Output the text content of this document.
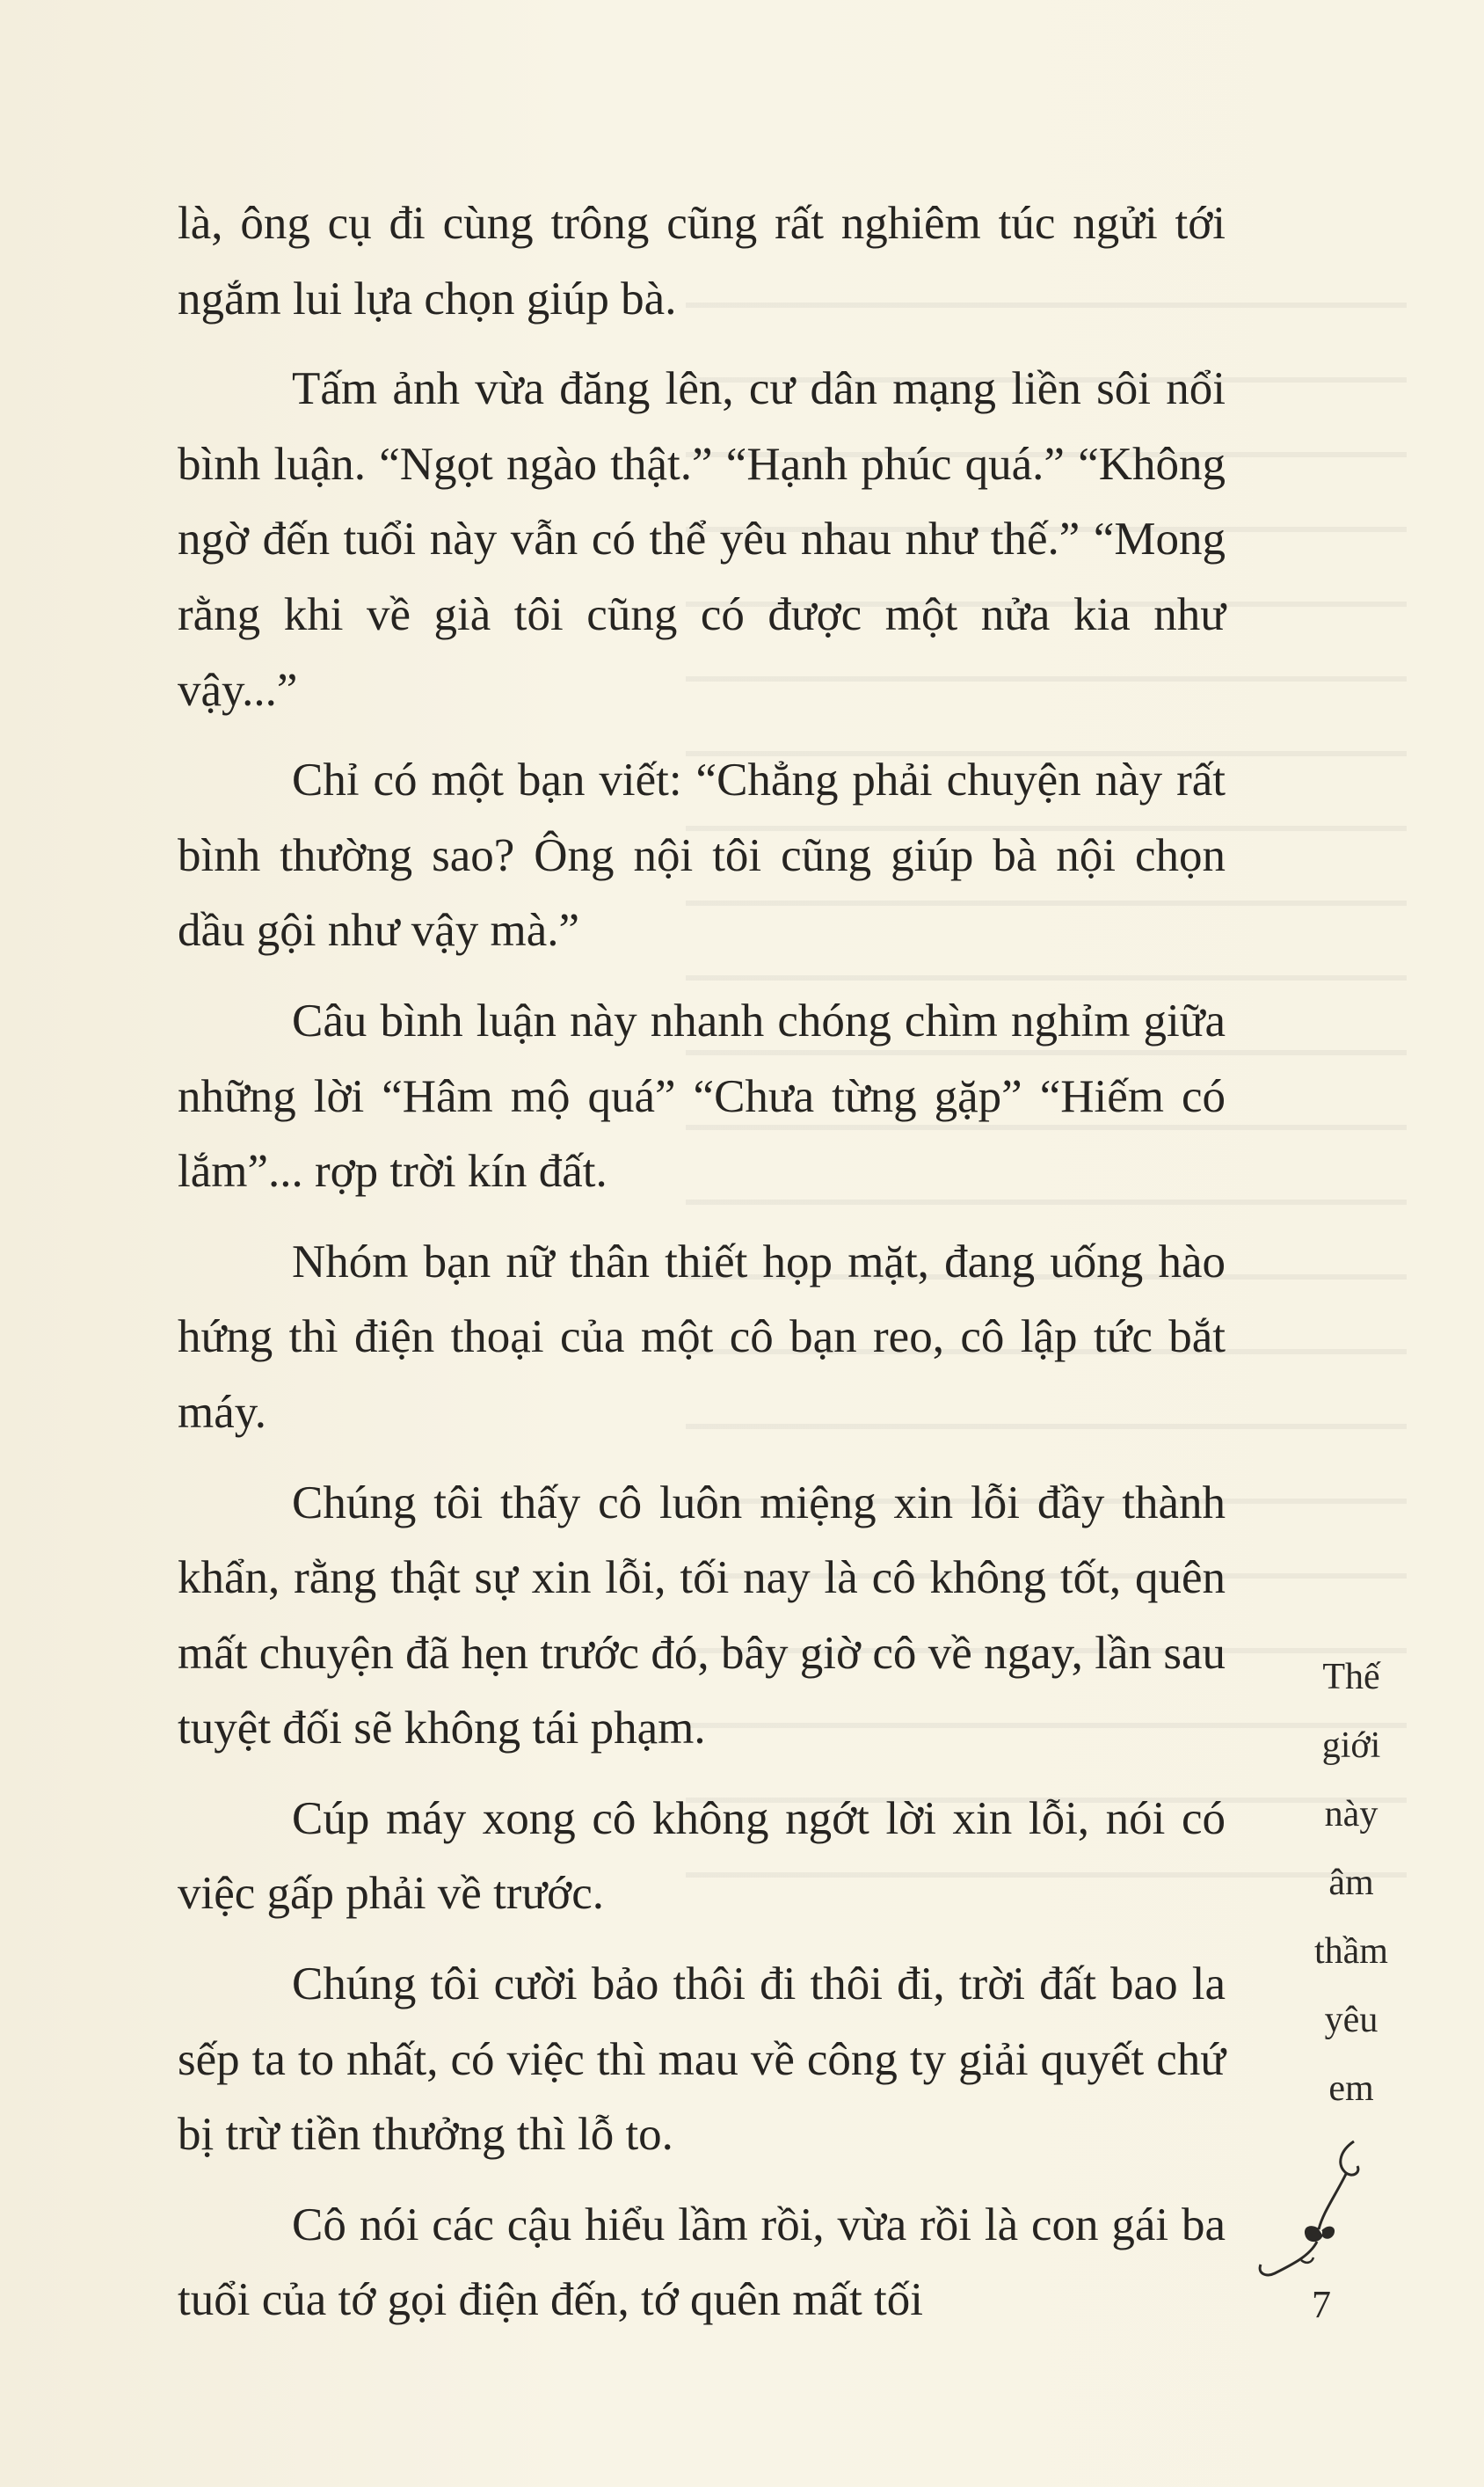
là, ông cụ đi cùng trông cũng rất nghiêm túc ngửi tới ngắm lui lựa chọn giúp bà.

Tấm ảnh vừa đăng lên, cư dân mạng liền sôi nổi bình luận. “Ngọt ngào thật.” “Hạnh phúc quá.” “Không ngờ đến tuổi này vẫn có thể yêu nhau như thế.” “Mong rằng khi về già tôi cũng có được một nửa kia như vậy...”

Chỉ có một bạn viết: “Chẳng phải chuyện này rất bình thường sao? Ông nội tôi cũng giúp bà nội chọn dầu gội như vậy mà.”

Câu bình luận này nhanh chóng chìm nghỉm giữa những lời “Hâm mộ quá” “Chưa từng gặp” “Hiếm có lắm”... rợp trời kín đất.

Nhóm bạn nữ thân thiết họp mặt, đang uống hào hứng thì điện thoại của một cô bạn reo, cô lập tức bắt máy.

Chúng tôi thấy cô luôn miệng xin lỗi đầy thành khẩn, rằng thật sự xin lỗi, tối nay là cô không tốt, quên mất chuyện đã hẹn trước đó, bây giờ cô về ngay, lần sau tuyệt đối sẽ không tái phạm.

Cúp máy xong cô không ngớt lời xin lỗi, nói có việc gấp phải về trước.

Chúng tôi cười bảo thôi đi thôi đi, trời đất bao la sếp ta to nhất, có việc thì mau về công ty giải quyết chứ bị trừ tiền thưởng thì lỗ to.

Cô nói các cậu hiểu lầm rồi, vừa rồi là con gái ba tuổi của tớ gọi điện đến, tớ quên mất tối

Thế
giới
này
âm
thầm
yêu
em
7
